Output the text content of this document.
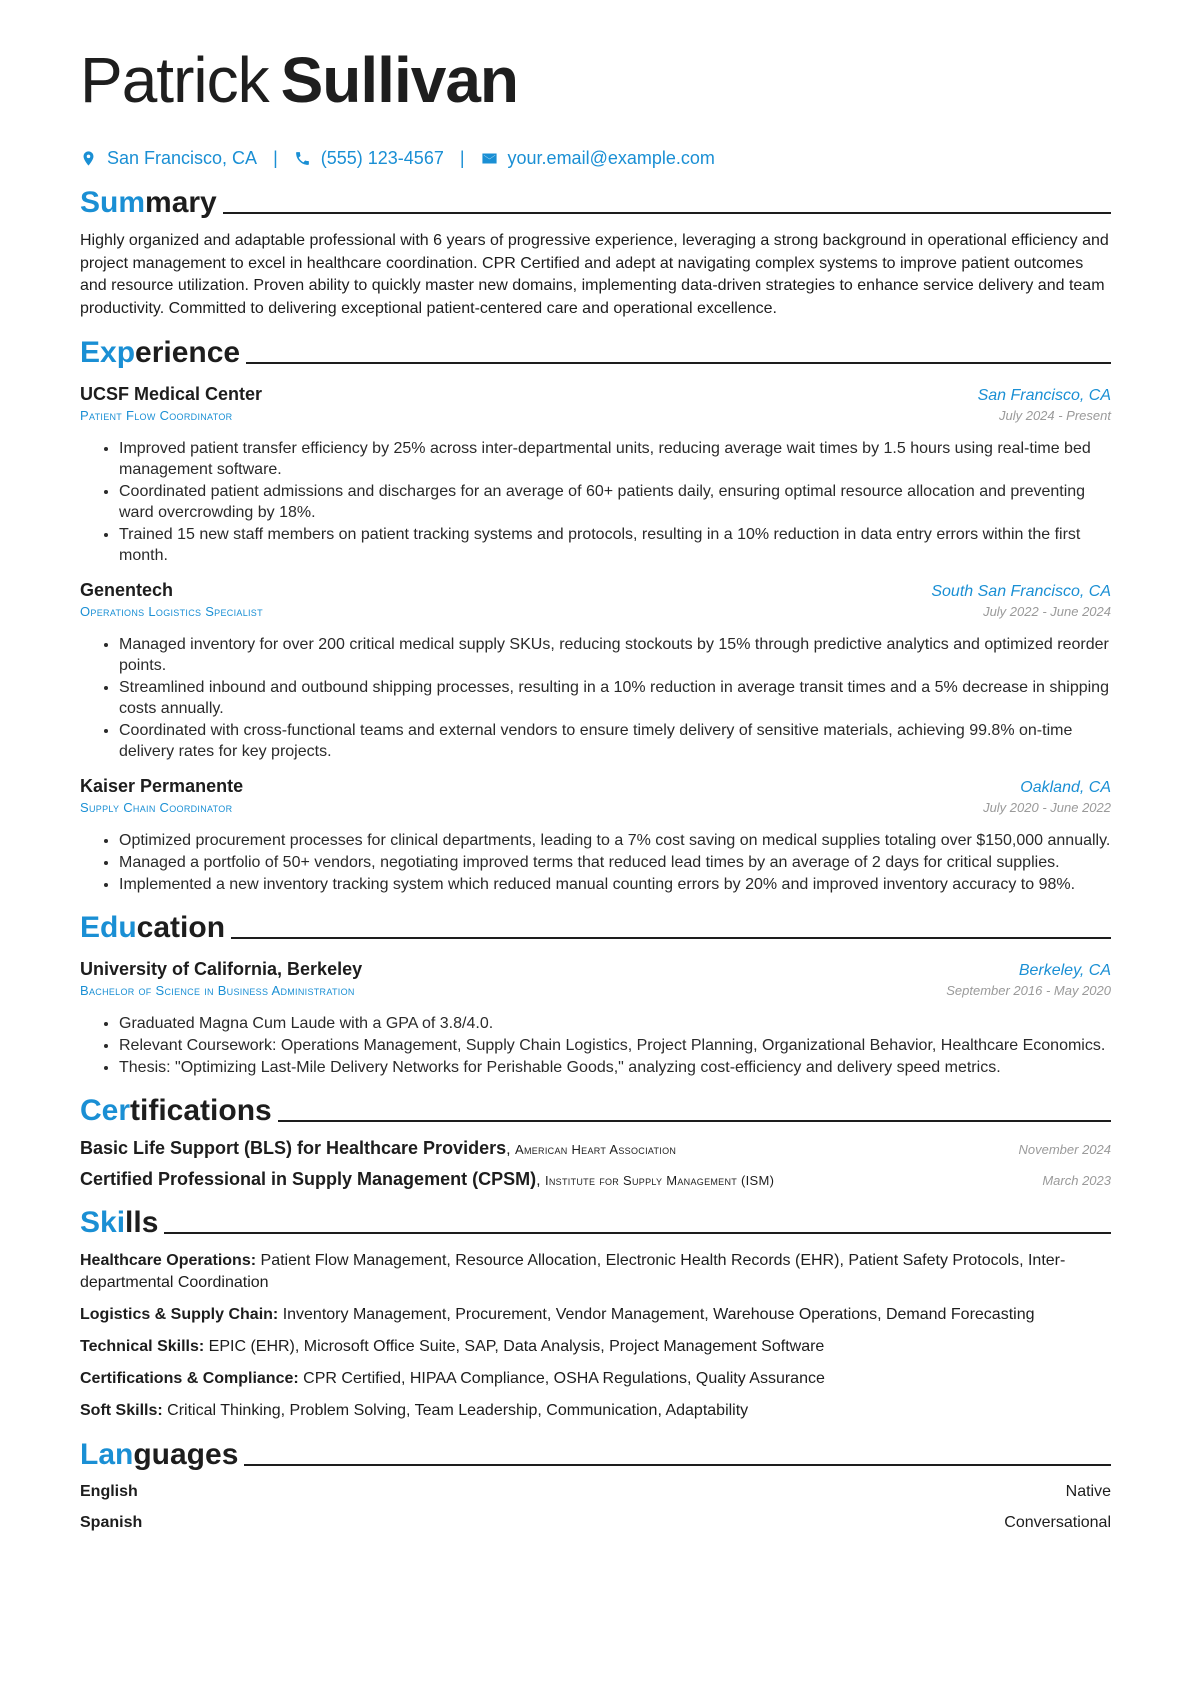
Patrick Sullivan
San Francisco, CA | (555) 123-4567 | your.email@example.com
Summary
Highly organized and adaptable professional with 6 years of progressive experience, leveraging a strong background in operational efficiency and project management to excel in healthcare coordination. CPR Certified and adept at navigating complex systems to improve patient outcomes and resource utilization. Proven ability to quickly master new domains, implementing data-driven strategies to enhance service delivery and team productivity. Committed to delivering exceptional patient-centered care and operational excellence.
Experience
UCSF Medical Center	San Francisco, CA
Patient Flow Coordinator	July 2024 - Present
• Improved patient transfer efficiency by 25% across inter-departmental units, reducing average wait times by 1.5 hours using real-time bed management software.
• Coordinated patient admissions and discharges for an average of 60+ patients daily, ensuring optimal resource allocation and preventing ward overcrowding by 18%.
• Trained 15 new staff members on patient tracking systems and protocols, resulting in a 10% reduction in data entry errors within the first month.
Genentech	South San Francisco, CA
Operations Logistics Specialist	July 2022 - June 2024
• Managed inventory for over 200 critical medical supply SKUs, reducing stockouts by 15% through predictive analytics and optimized reorder points.
• Streamlined inbound and outbound shipping processes, resulting in a 10% reduction in average transit times and a 5% decrease in shipping costs annually.
• Coordinated with cross-functional teams and external vendors to ensure timely delivery of sensitive materials, achieving 99.8% on-time delivery rates for key projects.
Kaiser Permanente	Oakland, CA
Supply Chain Coordinator	July 2020 - June 2022
• Optimized procurement processes for clinical departments, leading to a 7% cost saving on medical supplies totaling over $150,000 annually.
• Managed a portfolio of 50+ vendors, negotiating improved terms that reduced lead times by an average of 2 days for critical supplies.
• Implemented a new inventory tracking system which reduced manual counting errors by 20% and improved inventory accuracy to 98%.
Education
University of California, Berkeley	Berkeley, CA
Bachelor of Science in Business Administration	September 2016 - May 2020
• Graduated Magna Cum Laude with a GPA of 3.8/4.0.
• Relevant Coursework: Operations Management, Supply Chain Logistics, Project Planning, Organizational Behavior, Healthcare Economics.
• Thesis: "Optimizing Last-Mile Delivery Networks for Perishable Goods," analyzing cost-efficiency and delivery speed metrics.
Certifications
Basic Life Support (BLS) for Healthcare Providers, American Heart Association	November 2024
Certified Professional in Supply Management (CPSM), Institute for Supply Management (ISM)	March 2023
Skills
Healthcare Operations: Patient Flow Management, Resource Allocation, Electronic Health Records (EHR), Patient Safety Protocols, Inter-departmental Coordination
Logistics & Supply Chain: Inventory Management, Procurement, Vendor Management, Warehouse Operations, Demand Forecasting
Technical Skills: EPIC (EHR), Microsoft Office Suite, SAP, Data Analysis, Project Management Software
Certifications & Compliance: CPR Certified, HIPAA Compliance, OSHA Regulations, Quality Assurance
Soft Skills: Critical Thinking, Problem Solving, Team Leadership, Communication, Adaptability
Languages
English	Native
Spanish	Conversational
